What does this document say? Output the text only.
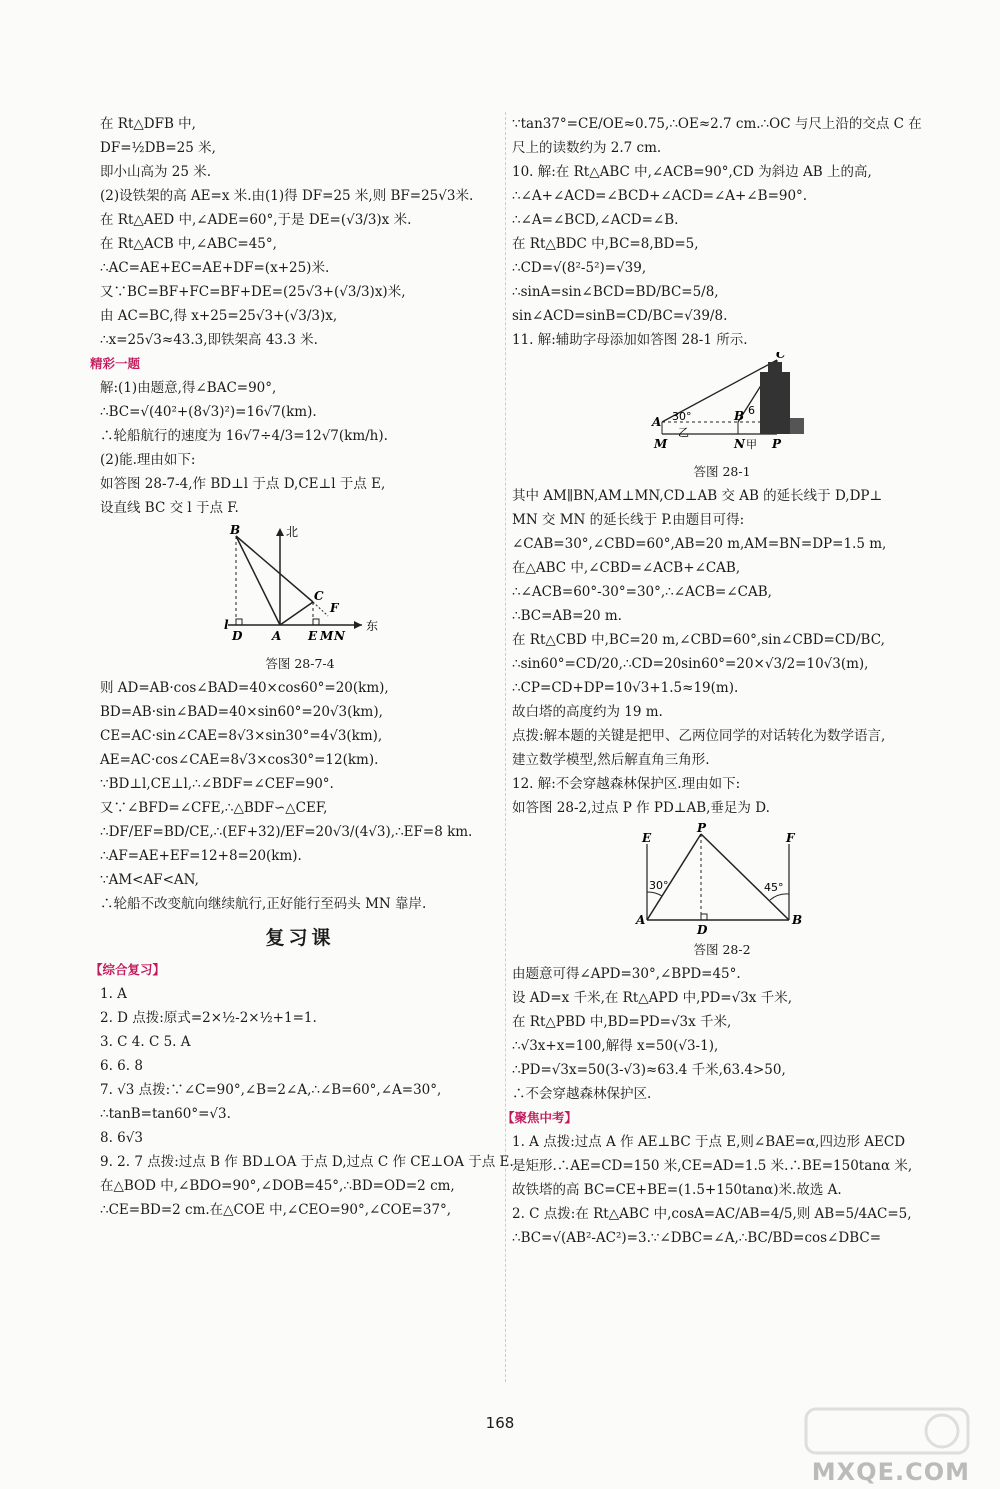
在 Rt△DFB 中,
DF=½DB=25 米,
即小山高为 25 米.
(2)设铁架的高 AE=x 米.由(1)得 DF=25 米,则 BF=25√3米.
在 Rt△AED 中,∠ADE=60°,于是 DE=(√3/3)x 米.
在 Rt△ACB 中,∠ABC=45°,
∴AC=AE+EC=AE+DF=(x+25)米.
又∵BC=BF+FC=BF+DE=(25√3+(√3/3)x)米,
由 AC=BC,得 x+25=25√3+(√3/3)x,
∴x=25√3≈43.3,即铁架高 43.3 米.
精彩一题
解:(1)由题意,得∠BAC=90°,
∴BC=√(40²+(8√3)²)=16√7(km).
∴轮船航行的速度为 16√7÷4/3=12√7(km/h).
(2)能.理由如下:
如答图 28-7-4,作 BD⊥l 于点 D,CE⊥l 于点 E,
设直线 BC 交 l 于点 F.
B	北
C
F
l
D A E M N
东
答图 28-7-4
则 AD=AB·cos∠BAD=40×cos60°=20(km),
BD=AB·sin∠BAD=40×sin60°=20√3(km),
CE=AC·sin∠CAE=8√3×sin30°=4√3(km),
AE=AC·cos∠CAE=8√3×cos30°=12(km).
∵BD⊥l,CE⊥l,∴∠BDF=∠CEF=90°.
又∵∠BFD=∠CFE,∴△BDF∽△CEF,
∴DF/EF=BD/CE,∴(EF+32)/EF=20√3/(4√3),∴EF=8 km.
∴AF=AE+EF=12+8=20(km).
∵AM<AF<AN,
∴轮船不改变航向继续航行,正好能行至码头 MN 靠岸.
复习课
【综合复习】
1. A
2. D 点拨:原式=2×½-2×½+1=1.
3. C 4. C 5. A
6. 6. 8
7. √3 点拨:∵∠C=90°,∠B=2∠A,∴∠B=60°,∠A=30°,
∴tanB=tan60°=√3.
8. 6√3
9. 2. 7 点拨:过点 B 作 BD⊥OA 于点 D,过点 C 作 CE⊥OA 于点 E.
在△BOD 中,∠BDO=90°,∠DOB=45°,∴BD=OD=2 cm,
∴CE=BD=2 cm.在△COE 中,∠CEO=90°,∠COE=37°,
∵tan37°=CE/OE≈0.75,∴OE≈2.7 cm.∴OC 与尺上沿的交点 C 在
尺上的读数约为 2.7 cm.
10. 解:在 Rt△ABC 中,∠ACB=90°,CD 为斜边 AB 上的高,
∴∠A+∠ACD=∠BCD+∠ACD=∠A+∠B=90°.
∴∠A=∠BCD,∠ACD=∠B.
在 Rt△BDC 中,BC=8,BD=5,
∴CD=√(8²-5²)=√39,
∴sinA=sin∠BCD=BD/BC=5/8,
sin∠ACD=sinB=CD/BC=√39/8.
11. 解:辅助字母添加如答图 28-1 所示.
C
A 30°	B 6
乙
M	N 甲 P
答图 28-1
其中 AM∥BN,AM⊥MN,CD⊥AB 交 AB 的延长线于 D,DP⊥
MN 交 MN 的延长线于 P.由题目可得:
∠CAB=30°,∠CBD=60°,AB=20 m,AM=BN=DP=1.5 m,
在△ABC 中,∠CBD=∠ACB+∠CAB,
∴∠ACB=60°-30°=30°,∴∠ACB=∠CAB,
∴BC=AB=20 m.
在 Rt△CBD 中,BC=20 m,∠CBD=60°,sin∠CBD=CD/BC,
∴sin60°=CD/20,∴CD=20sin60°=20×√3/2=10√3(m),
∴CP=CD+DP=10√3+1.5≈19(m).
故白塔的高度约为 19 m.
点拨:解本题的关键是把甲、乙两位同学的对话转化为数学语言,
建立数学模型,然后解直角三角形.
12. 解:不会穿越森林保护区.理由如下:
如答图 28-2,过点 P 作 PD⊥AB,垂足为 D.
P
E	F
30°	45°
A	B
D
答图 28-2
由题意可得∠APD=30°,∠BPD=45°.
设 AD=x 千米,在 Rt△APD 中,PD=√3x 千米,
在 Rt△PBD 中,BD=PD=√3x 千米,
∴√3x+x=100,解得 x=50(√3-1),
∴PD=√3x=50(3-√3)≈63.4 千米,63.4>50,
∴不会穿越森林保护区.
【聚焦中考】
1. A 点拨:过点 A 作 AE⊥BC 于点 E,则∠BAE=α,四边形 AECD
是矩形.∴AE=CD=150 米,CE=AD=1.5 米.∴BE=150tanα 米,
故铁塔的高 BC=CE+BE=(1.5+150tanα)米.故选 A.
2. C 点拨:在 Rt△ABC 中,cosA=AC/AB=4/5,则 AB=5/4AC=5,
∴BC=√(AB²-AC²)=3.∵∠DBC=∠A,∴BC/BD=cos∠DBC=
168
MXQE.COM
